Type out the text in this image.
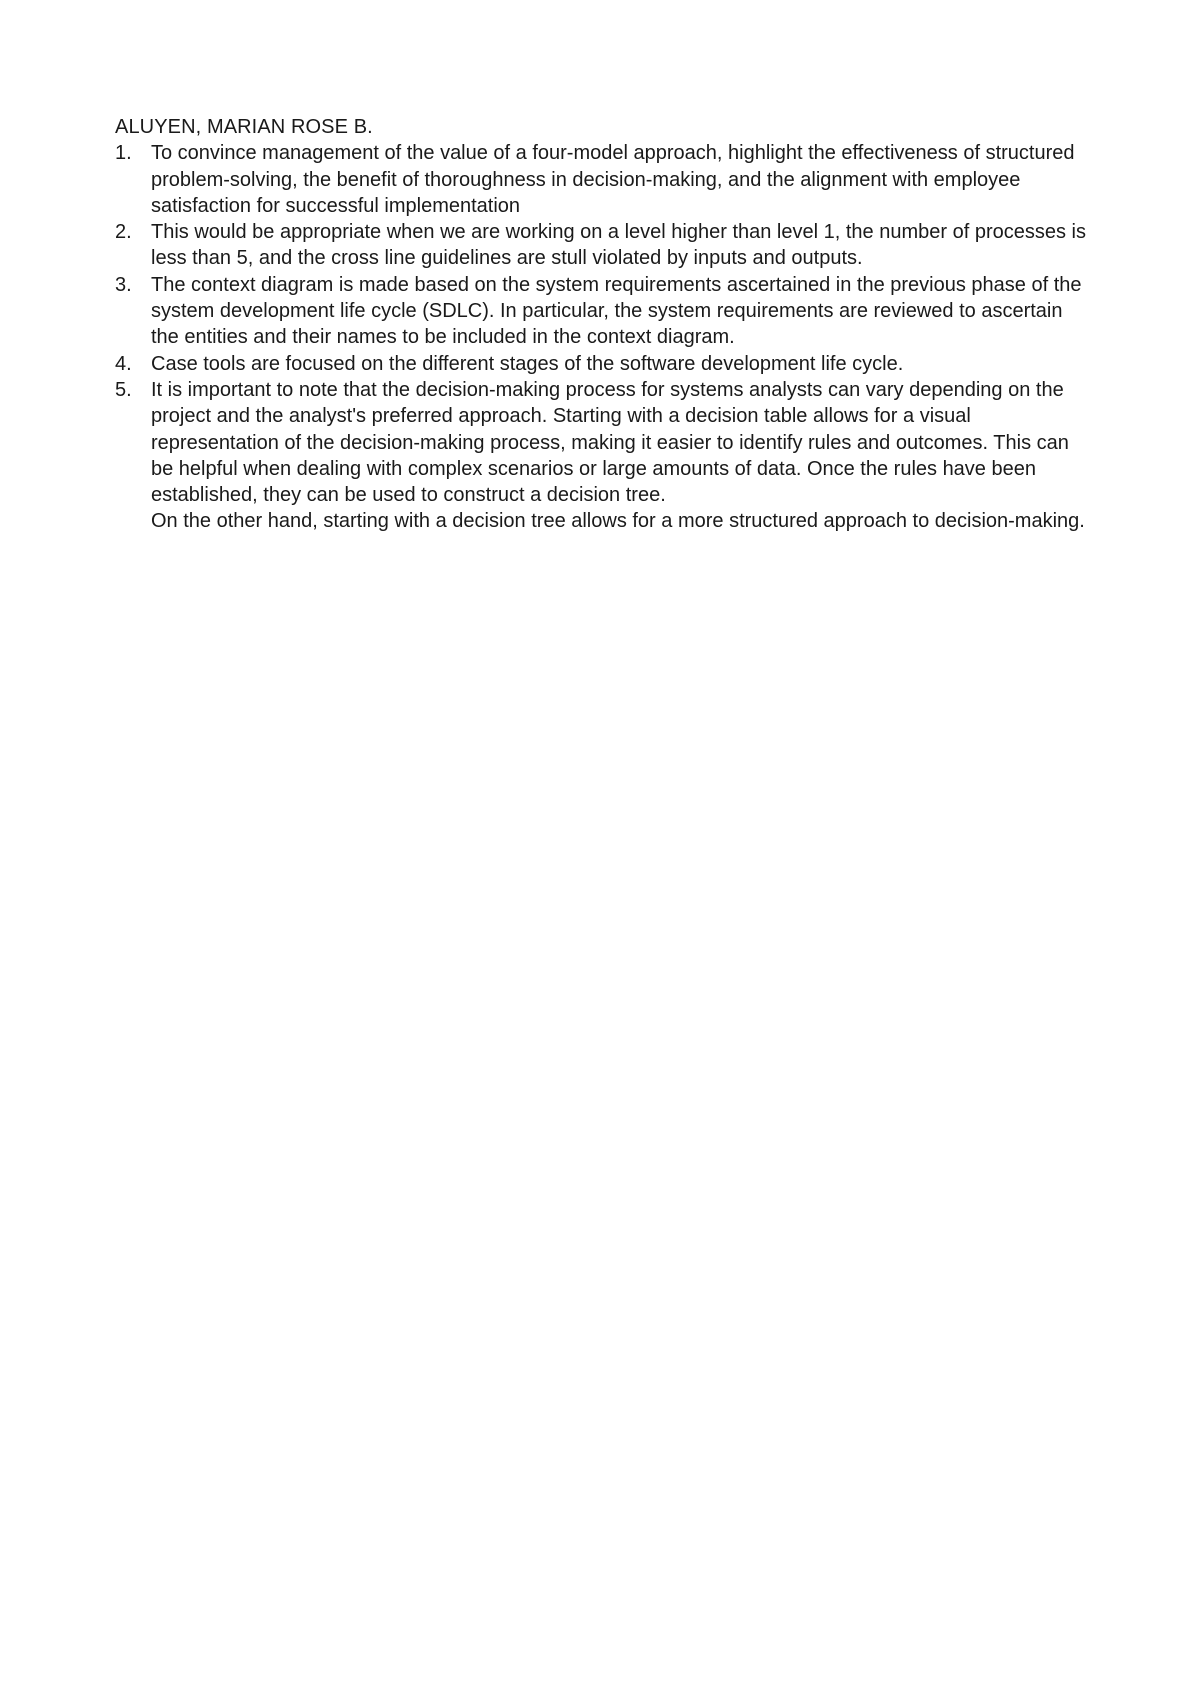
ALUYEN, MARIAN ROSE B.

1. To convince management of the value of a four-model approach, highlight the effectiveness of structured problem-solving, the benefit of thoroughness in decision-making, and the alignment with employee satisfaction for successful implementation
2. This would be appropriate when we are working on a level higher than level 1, the number of processes is less than 5, and the cross line guidelines are stull violated by inputs and outputs.
3. The context diagram is made based on the system requirements ascertained in the previous phase of the system development life cycle (SDLC). In particular, the system requirements are reviewed to ascertain the entities and their names to be included in the context diagram.
4. Case tools are focused on the different stages of the software development life cycle.
5. It is important to note that the decision-making process for systems analysts can vary depending on the project and the analyst's preferred approach. Starting with a decision table allows for a visual representation of the decision-making process, making it easier to identify rules and outcomes. This can be helpful when dealing with complex scenarios or large amounts of data. Once the rules have been established, they can be used to construct a decision tree.
On the other hand, starting with a decision tree allows for a more structured approach to decision-making.
